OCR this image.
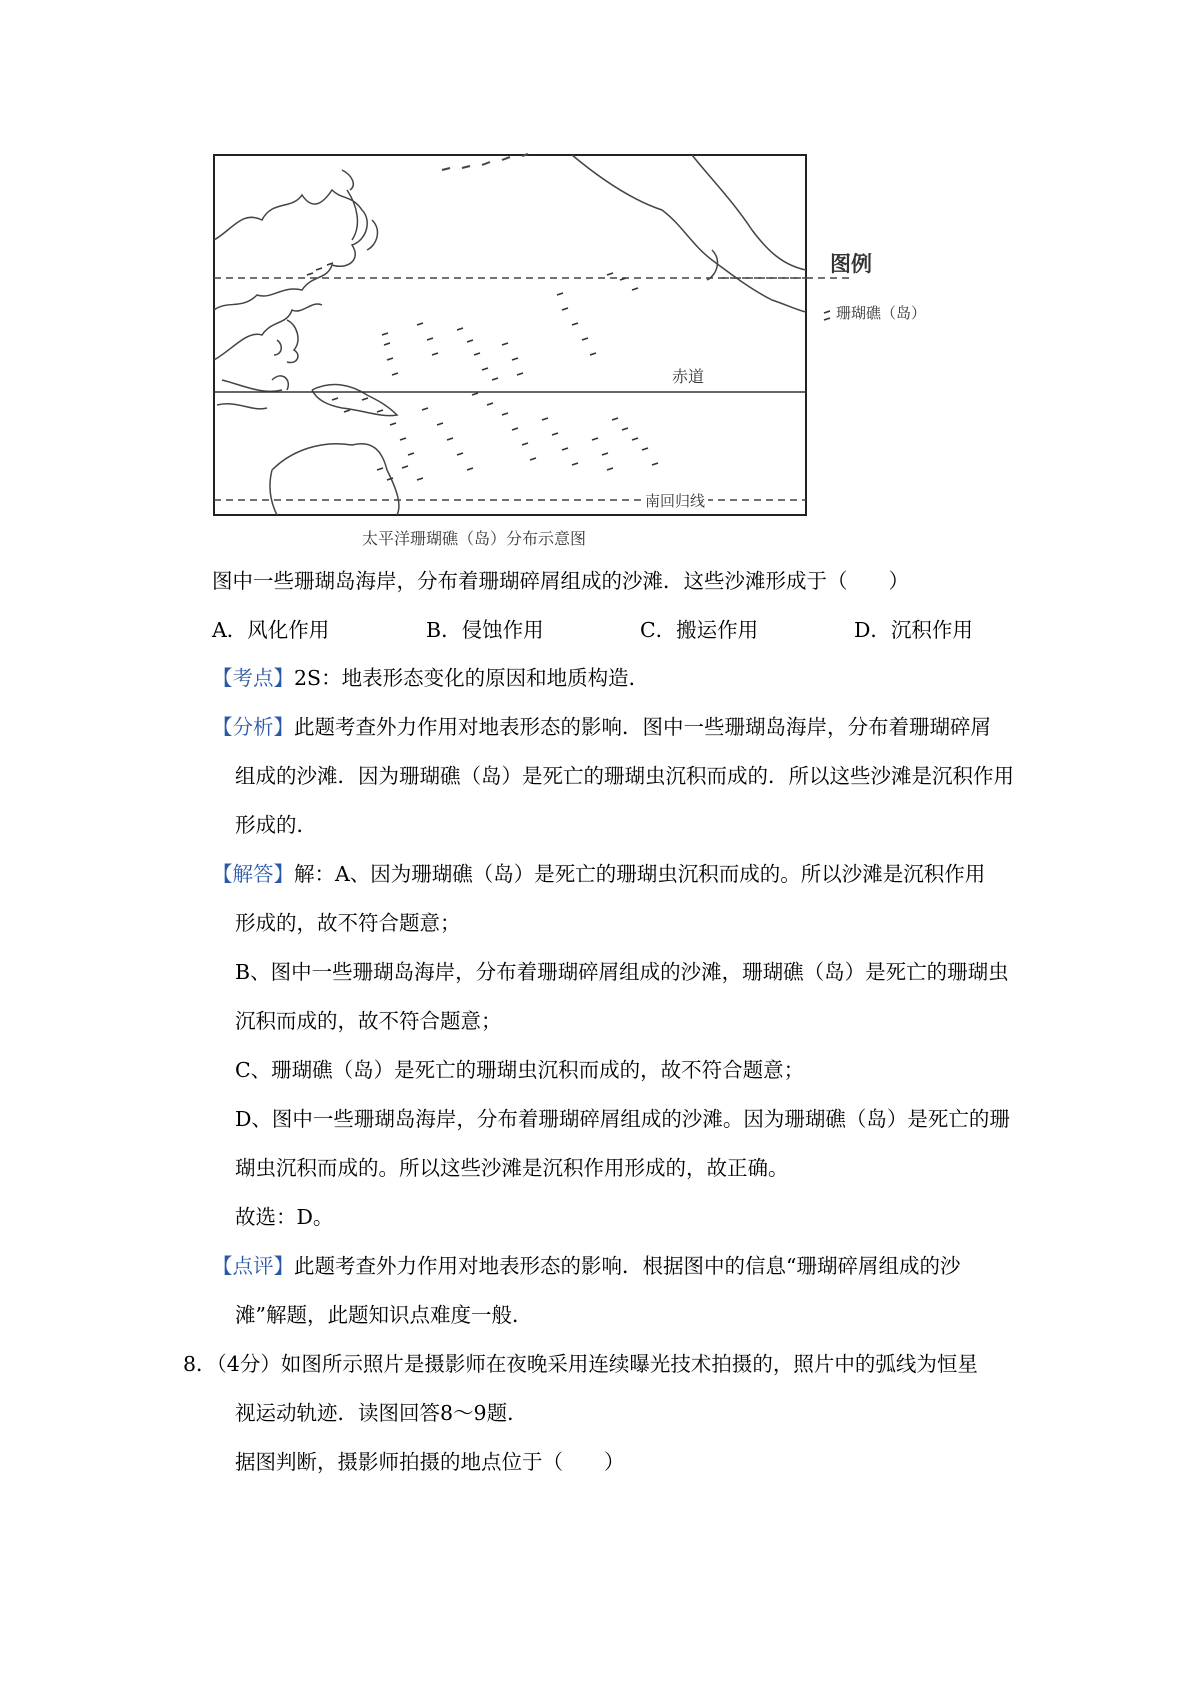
图例
珊瑚礁（岛）
赤道
南回归线
太平洋珊瑚礁（岛）分布示意图
图中一些珊瑚岛海岸，分布着珊瑚碎屑组成的沙滩．这些沙滩形成于（　　）
A．风化作用	B．侵蚀作用	C．搬运作用	D．沉积作用
【考点】2S：地表形态变化的原因和地质构造．
【分析】此题考查外力作用对地表形态的影响．图中一些珊瑚岛海岸，分布着珊瑚碎屑
组成的沙滩．因为珊瑚礁（岛）是死亡的珊瑚虫沉积而成的．所以这些沙滩是沉积作用
形成的．
【解答】解：A、因为珊瑚礁（岛）是死亡的珊瑚虫沉积而成的。所以沙滩是沉积作用
形成的，故不符合题意；
B、图中一些珊瑚岛海岸，分布着珊瑚碎屑组成的沙滩，珊瑚礁（岛）是死亡的珊瑚虫
沉积而成的，故不符合题意；
C、珊瑚礁（岛）是死亡的珊瑚虫沉积而成的，故不符合题意；
D、图中一些珊瑚岛海岸，分布着珊瑚碎屑组成的沙滩。因为珊瑚礁（岛）是死亡的珊
瑚虫沉积而成的。所以这些沙滩是沉积作用形成的，故正确。
故选：D。
【点评】此题考查外力作用对地表形态的影响．根据图中的信息“珊瑚碎屑组成的沙
滩”解题，此题知识点难度一般．
8．（4分）如图所示照片是摄影师在夜晚采用连续曝光技术拍摄的，照片中的弧线为恒星
视运动轨迹．读图回答8～9题．
据图判断，摄影师拍摄的地点位于（　　）
